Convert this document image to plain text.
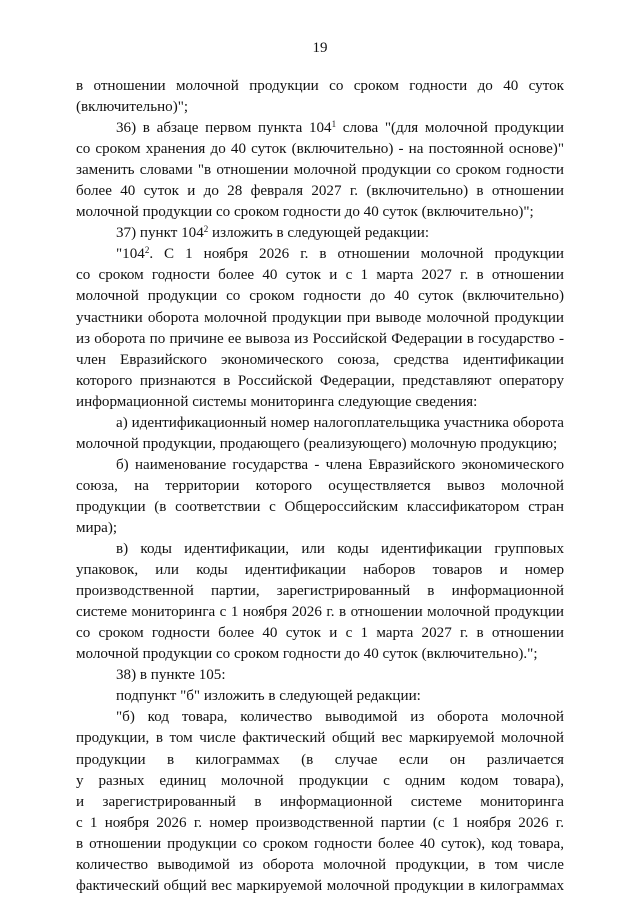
19
в отношении молочной продукции со сроком годности до 40 суток
(включительно)";
36) в абзаце первом пункта $104^1$ слова "(для молочной продукции
со сроком хранения до 40 суток (включительно) - на постоянной основе)"
заменить словами "в отношении молочной продукции со сроком годности
более 40 суток и до 28 февраля 2027 г. (включительно) в отношении
молочной продукции со сроком годности до 40 суток (включительно)";
37) пункт $104^2$ изложить в следующей редакции:
"$104^2$. С 1 ноября 2026 г. в отношении молочной продукции
со сроком годности более 40 суток и с 1 марта 2027 г. в отношении
молочной продукции со сроком годности до 40 суток (включительно)
участники оборота молочной продукции при выводе молочной продукции
из оборота по причине ее вывоза из Российской Федерации в государство -
член Евразийского экономического союза, средства идентификации
которого признаются в Российской Федерации, представляют оператору
информационной системы мониторинга следующие сведения:
а) идентификационный номер налогоплательщика участника оборота
молочной продукции, продающего (реализующего) молочную продукцию;
б) наименование государства - члена Евразийского экономического
союза, на территории которого осуществляется вывоз молочной
продукции (в соответствии с Общероссийским классификатором стран
мира);
в) коды идентификации, или коды идентификации групповых
упаковок, или коды идентификации наборов товаров и номер
производственной партии, зарегистрированный в информационной
системе мониторинга с 1 ноября 2026 г. в отношении молочной продукции
со сроком годности более 40 суток и с 1 марта 2027 г. в отношении
молочной продукции со сроком годности до 40 суток (включительно).";
38) в пункте 105:
подпункт "б" изложить в следующей редакции:
"б) код товара, количество выводимой из оборота молочной
продукции, в том числе фактический общий вес маркируемой молочной
продукции в килограммах (в случае если он различается
у разных единиц молочной продукции с одним кодом товара),
и зарегистрированный в информационной системе мониторинга
с 1 ноября 2026 г. номер производственной партии (с 1 ноября 2026 г.
в отношении продукции со сроком годности более 40 суток), код товара,
количество выводимой из оборота молочной продукции, в том числе
фактический общий вес маркируемой молочной продукции в килограммах
